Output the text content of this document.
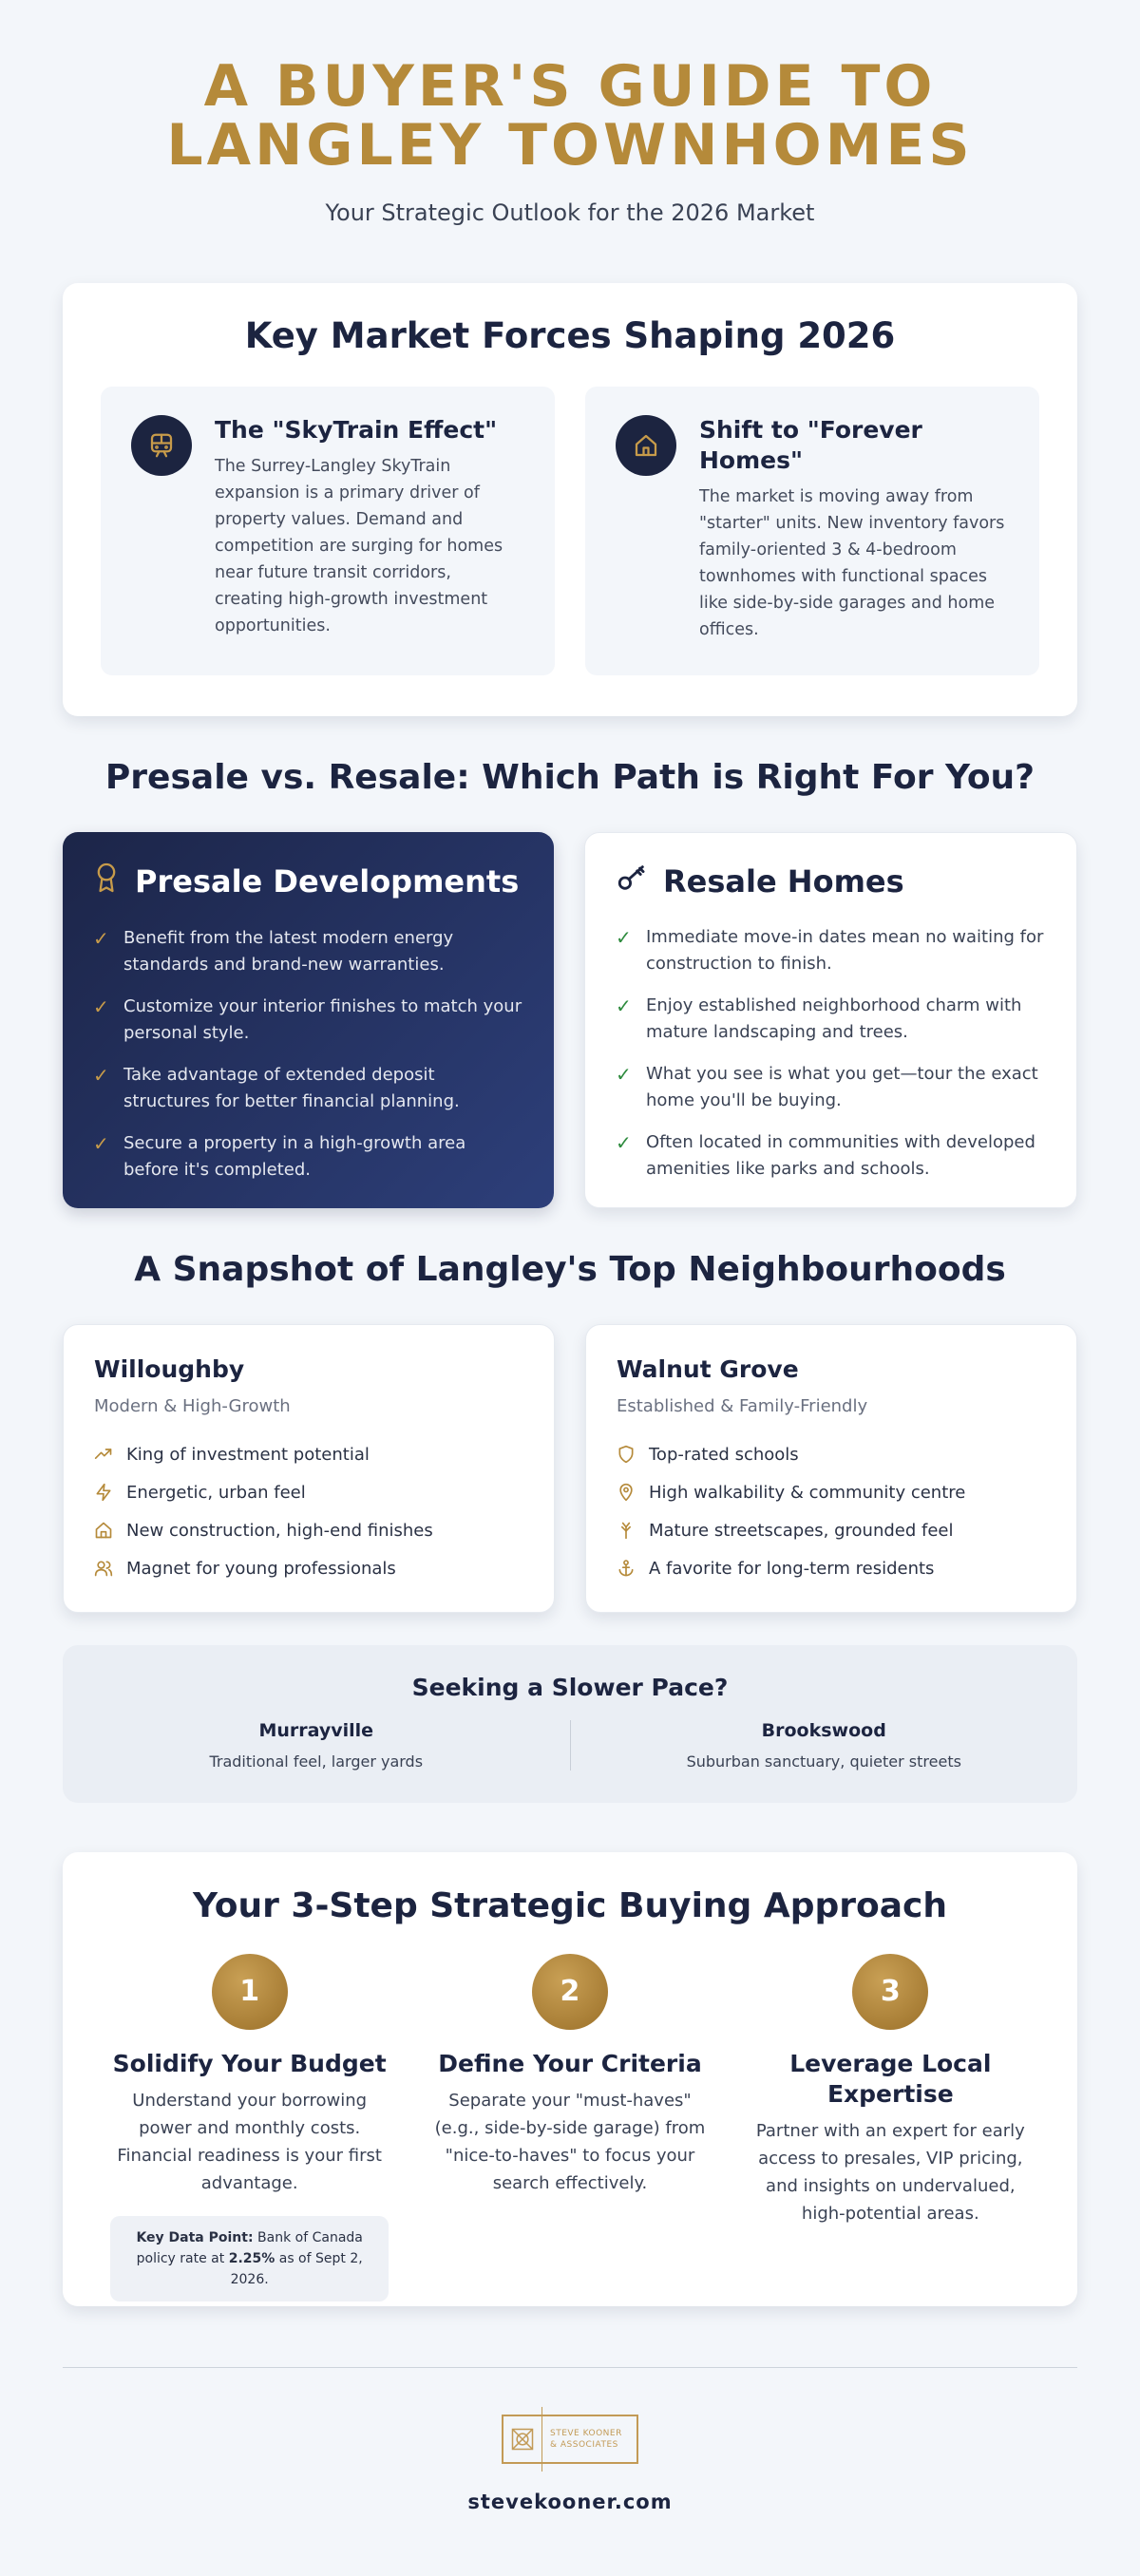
A BUYER'S GUIDE TO
LANGLEY TOWNHOMES
Your Strategic Outlook for the 2026 Market
Key Market Forces Shaping 2026
The "SkyTrain Effect"

The Surrey-Langley SkyTrain expansion is a primary driver of property values. Demand and competition are surging for homes near future transit corridors, creating high-growth investment opportunities.

Shift to "Forever Homes"

The market is moving away from "starter" units. New inventory favors family-oriented 3 & 4-bedroom townhomes with functional spaces like side-by-side garages and home offices.

Presale vs. Resale: Which Path is Right For You?
Presale Developments
✓ Benefit from the latest modern energy standards and brand-new warranties.
✓ Customize your interior finishes to match your personal style.
✓ Take advantage of extended deposit structures for better financial planning.
✓ Secure a property in a high-growth area before it's completed.
Resale Homes
✓ Immediate move-in dates mean no waiting for construction to finish.
✓ Enjoy established neighborhood charm with mature landscaping and trees.
✓ What you see is what you get—tour the exact home you'll be buying.
✓ Often located in communities with developed amenities like parks and schools.
A Snapshot of Langley's Top Neighbourhoods
Willoughby
Modern & High-Growth
King of investment potential
Energetic, urban feel
New construction, high-end finishes
Magnet for young professionals
Walnut Grove
Established & Family-Friendly
Top-rated schools
High walkability & community centre
Mature streetscapes, grounded feel
A favorite for long-term residents
Seeking a Slower Pace?
Murrayville
Traditional feel, larger yards
Brookswood
Suburban sanctuary, quieter streets
Your 3-Step Strategic Buying Approach
1
Solidify Your Budget

Understand your borrowing power and monthly costs. Financial readiness is your first advantage.

Key Data Point: Bank of Canada policy rate at 2.25% as of Sept 2, 2026.
2
Define Your Criteria

Separate your "must-haves" (e.g., side-by-side garage) from "nice-to-haves" to focus your search effectively.

3
Leverage Local Expertise

Partner with an expert for early access to presales, VIP pricing, and insights on undervalued, high-potential areas.

STEVE KOONER
& ASSOCIATES
stevekooner.com
